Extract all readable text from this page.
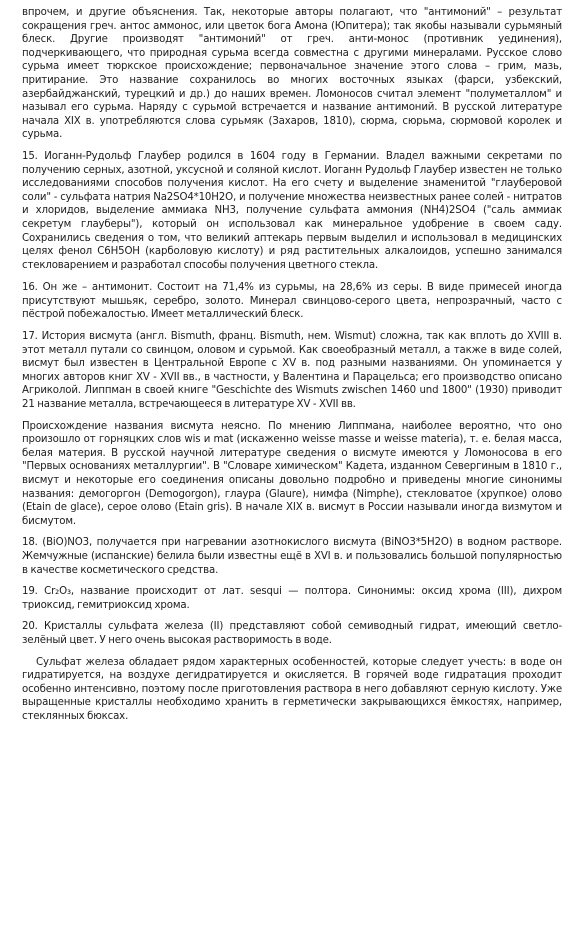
впрочем, и другие объяснения. Так, некоторые авторы полагают, что "антимоний" – результат сокращения греч. антос аммонос, или цветок бога Амона (Юпитера); так якобы называли сурьмяный блеск. Другие производят "антимоний" от греч. анти-монос (противник уединения), подчеркивающего, что природная сурьма всегда совместна с другими минералами. Русское слово сурьма имеет тюркское происхождение; первоначальное значение этого слова – грим, мазь, притирание. Это название сохранилось во многих восточных языках (фарси, узбекский, азербайджанский, турецкий и др.) до наших времен. Ломоносов считал элемент "полуметаллом" и называл его сурьма. Наряду с сурьмой встречается и название антимоний. В русской литературе начала XIX в. употребляются слова сурьмяк (Захаров, 1810), сюрма, сюрьма, сюрмовой королек и сурьма.

15. Иоганн-Рудольф Глаубер родился в 1604 году в Германии. Владел важными секретами по получению серных, азотной, уксусной и соляной кислот. Иоганн Рудольф Глаубер известен не только исследованиями способов получения кислот. На его счету и выделение знаменитой "глауберовой соли" - сульфата натрия Na2SO4*10H2O, и получение множества неизвестных ранее солей - нитратов и хлоридов, выделение аммиака NH3, получение сульфата аммония (NH4)2SO4 ("саль аммиак секретум глауберы"), который он использовал как минеральное удобрение в своем саду. Сохранились сведения о том, что великий аптекарь первым выделил и использовал в медицинских целях фенол C6H5OH (карболовую кислоту) и ряд растительных алкалоидов, успешно занимался стекловарением и разработал способы получения цветного стекла.

16. Он же – антимонит. Состоит на 71,4% из сурьмы, на 28,6% из серы. В виде примесей иногда присутствуют мышьяк, серебро, золото. Минерал свинцово-серого цвета, непрозрачный, часто с пёстрой побежалостью. Имеет металлический блеск.

17. История висмута (англ. Bismuth, франц. Bismuth, нем. Wismut) сложна, так как вплоть до XVIII в. этот металл путали со свинцом, оловом и сурьмой. Как своеобразный металл, а также в виде солей, висмут был известен в Центральной Европе с XV в. под разными названиями. Он упоминается у многих авторов книг XV - XVII вв., в частности, у Валентина и Парацельса; его производство описано Агриколой. Липпман в своей книге "Geschichte des Wismuts zwischen 1460 und 1800" (1930) приводит 21 название металла, встречающееся в литературе XV - XVII вв.

Происхождение названия висмута неясно. По мнению Липпмана, наиболее вероятно, что оно произошло от горняцких слов wis и mat (искаженно weisse masse и weisse materia), т. е. белая масса, белая материя. В русской научной литературе сведения о висмуте имеются у Ломоносова в его "Первых основаниях металлургии". В "Словаре химическом" Кадета, изданном Севергиным в 1810 г., висмут и некоторые его соединения описаны довольно подробно и приведены многие синонимы названия: демогоргон (Demogorgon), глаура (Glaure), нимфа (Nimphe), стекловатое (хрупкое) олово (Etain de glace), серое олово (Etain gris). В начале XIX в. висмут в России называли иногда визмутом и бисмутом.

18. (BiO)NO3, получается при нагревании азотнокислого висмута (BiNO3*5H2O) в водном растворе. Жемчужные (испанские) белила были известны ещё в XVI в. и пользовались большой популярностью в качестве косметического средства.

19. Cr₂O₃, название происходит от лат. sesqui — полтора. Синонимы: оксид хрома (III), дихром триоксид, гемитриоксид хрома.

20. Кристаллы сульфата железа (II) представляют собой семиводный гидрат, имеющий светло-зелёный цвет. У него очень высокая растворимость в воде.

Сульфат железа обладает рядом характерных особенностей, которые следует учесть: в воде он гидратируется, на воздухе дегидратируется и окисляется. В горячей воде гидратация проходит особенно интенсивно, поэтому после приготовления раствора в него добавляют серную кислоту. Уже выращенные кристаллы необходимо хранить в герметически закрывающихся ёмкостях, например, стеклянных бюксах.
